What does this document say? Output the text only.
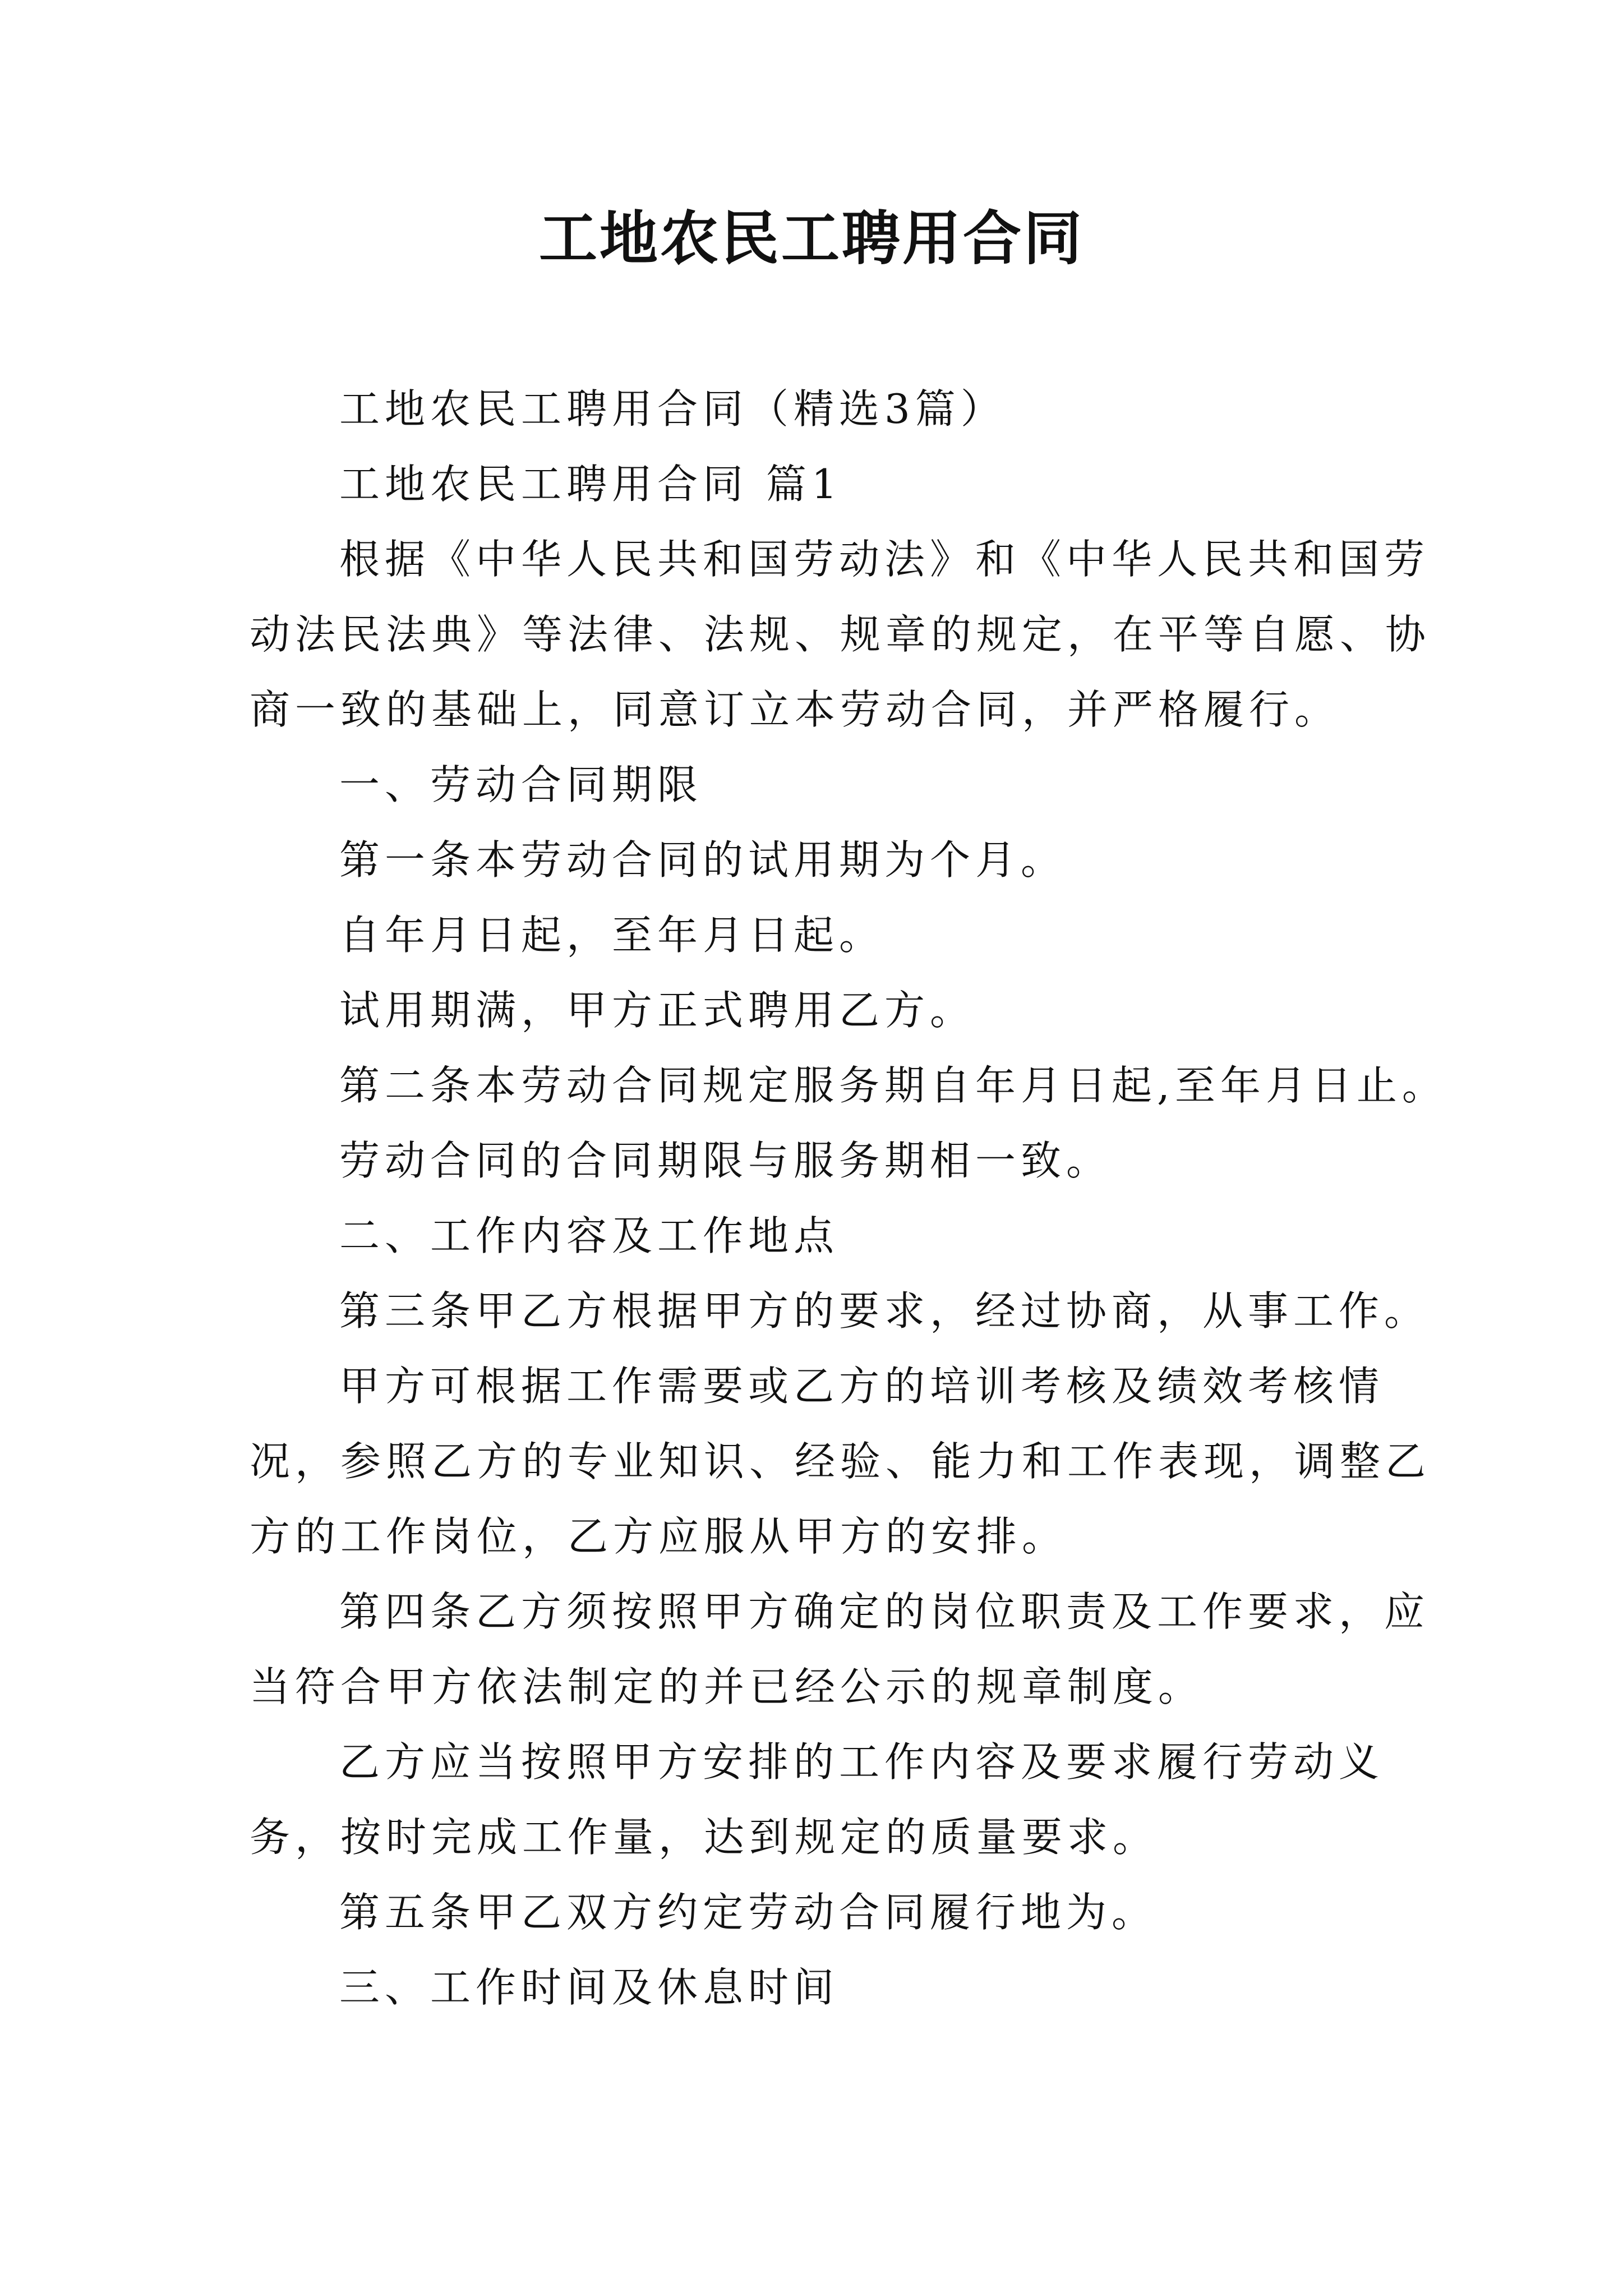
工地农民工聘用合同

工地农民工聘用合同（精选3篇）

工地农民工聘用合同 篇1

根据《中华人民共和国劳动法》和《中华人民共和国劳

动法民法典》等法律、法规、规章的规定，在平等自愿、协

商一致的基础上，同意订立本劳动合同，并严格履行。

一、劳动合同期限

第一条本劳动合同的试用期为个月。

自年月日起，至年月日起。

试用期满，甲方正式聘用乙方。

第二条本劳动合同规定服务期自年月日起,至年月日止。

劳动合同的合同期限与服务期相一致。

二、工作内容及工作地点

第三条甲乙方根据甲方的要求，经过协商，从事工作。

甲方可根据工作需要或乙方的培训考核及绩效考核情

况，参照乙方的专业知识、经验、能力和工作表现，调整乙

方的工作岗位，乙方应服从甲方的安排。

第四条乙方须按照甲方确定的岗位职责及工作要求，应

当符合甲方依法制定的并已经公示的规章制度。

乙方应当按照甲方安排的工作内容及要求履行劳动义

务，按时完成工作量，达到规定的质量要求。

第五条甲乙双方约定劳动合同履行地为。

三、工作时间及休息时间
